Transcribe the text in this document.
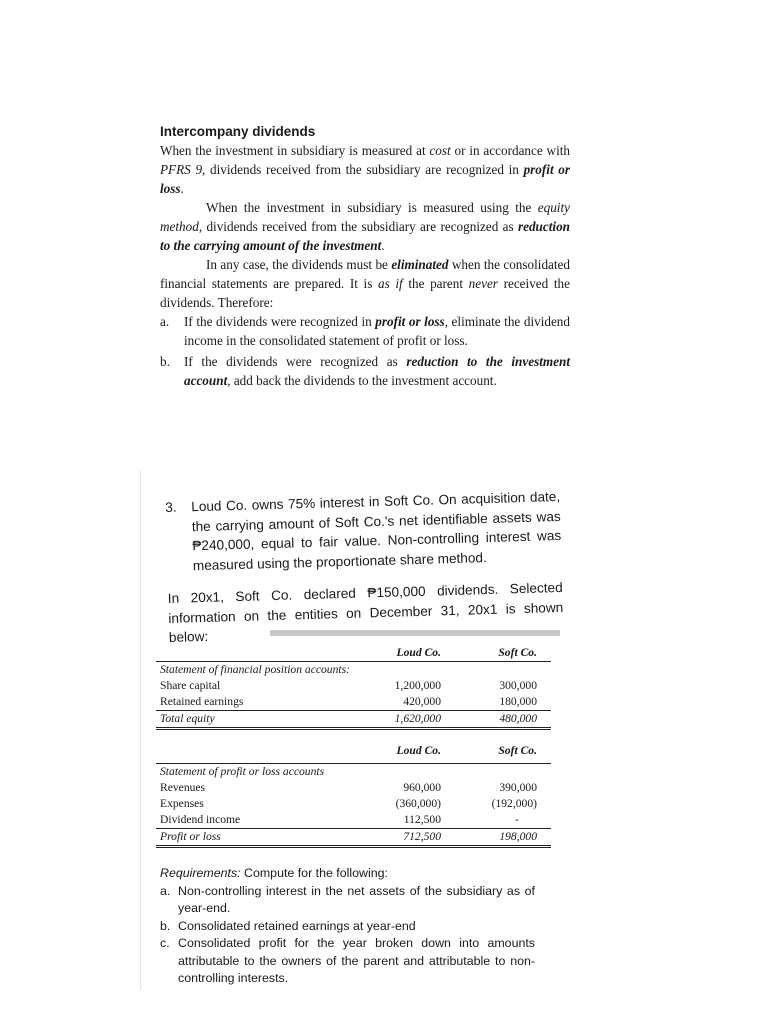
Intercompany dividends

When the investment in subsidiary is measured at cost or in accordance with PFRS 9, dividends received from the subsidiary are recognized in profit or loss.

When the investment in subsidiary is measured using the equity method, dividends received from the subsidiary are recognized as reduction to the carrying amount of the investment.

In any case, the dividends must be eliminated when the consolidated financial statements are prepared. It is as if the parent never received the dividends. Therefore:

a.	If the dividends were recognized in profit or loss, eliminate the dividend income in the consolidated statement of profit or loss.
b.	If the dividends were recognized as reduction to the investment account, add back the dividends to the investment account.
3.	Loud Co. owns 75% interest in Soft Co. On acquisition date, the carrying amount of Soft Co.'s net identifiable assets was ₱240,000, equal to fair value. Non-controlling interest was measured using the proportionate share method.
In 20x1, Soft Co. declared ₱150,000 dividends. Selected information on the entities on December 31, 20x1 is shown below:
Loud Co.	Soft Co.
Statement of financial position accounts:
Share capital	1,200,000	300,000
Retained earnings	420,000	180,000
Total equity	1,620,000	480,000
Loud Co.	Soft Co.
Statement of profit or loss accounts
Revenues	960,000	390,000
Expenses	(360,000)	(192,000)
Dividend income	112,500	-
Profit or loss	712,500	198,000
Requirements: Compute for the following:
a. Non-controlling interest in the net assets of the subsidiary as of year-end.
b. Consolidated retained earnings at year-end
c. Consolidated profit for the year broken down into amounts attributable to the owners of the parent and attributable to non-controlling interests.
